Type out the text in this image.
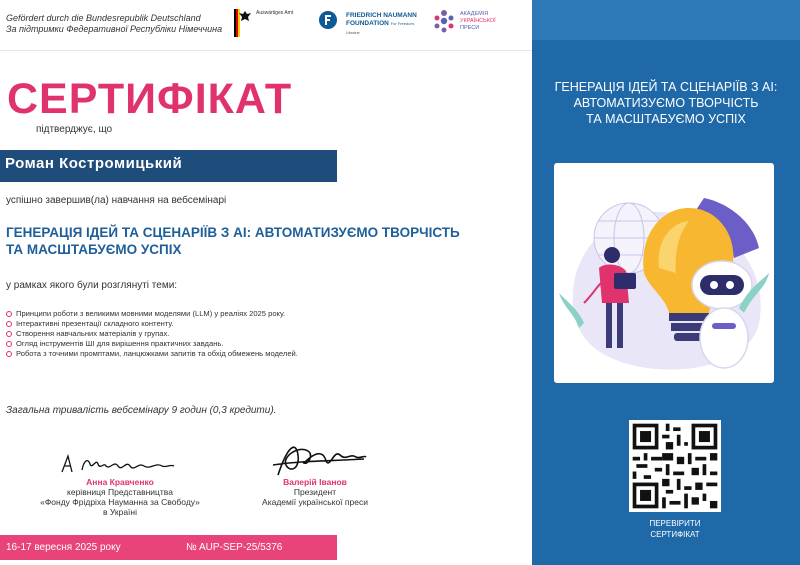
Gefördert durch die Bundesrepublik Deutschland
За підтримки Федеративної Республіки Німеччина
Auswärtiges Amt	FRIEDRICH NAUMANN
FOUNDATION For Freedom.
Ukraine
АКАДЕМІЯ
УКРАЇНСЬКОЇ
ПРЕСИ
СЕРТИФІКАТ
підтверджує, що
Роман Костромицький
успішно завершив(ла) навчання на вебсемінарі
ГЕНЕРАЦІЯ ІДЕЙ ТА СЦЕНАРІЇВ З AI: АВТОМАТИЗУЄМО ТВОРЧІСТЬ ТА МАСШТАБУЄМО УСПІХ
у рамках якого були розглянуті теми:
Принципи роботи з великими мовними моделями (LLM) у реаліях 2025 року.
Інтерактивні презентації складного контенту.
Створення навчальних матеріалів у групах.
Огляд інструментів ШІ для вирішення практичних завдань.
Робота з точними промптами, ланцюжками запитів та обхід обмежень моделей.
Загальна тривалість вебсемінару 9 годин (0,3 кредити).
Анна Кравченко
керівниця Представництва
«Фонду Фрідріха Науманна за Свободу»
в Україні
Валерій Іванов
Президент
Академії української преси
16-17 вересня 2025 року	№ AUP-SEP-25/5376
ГЕНЕРАЦІЯ ІДЕЙ ТА СЦЕНАРІЇВ З AI:
АВТОМАТИЗУЄМО ТВОРЧІСТЬ
ТА МАСШТАБУЄМО УСПІХ
ПЕРЕВІРИТИ
СЕРТИФІКАТ
